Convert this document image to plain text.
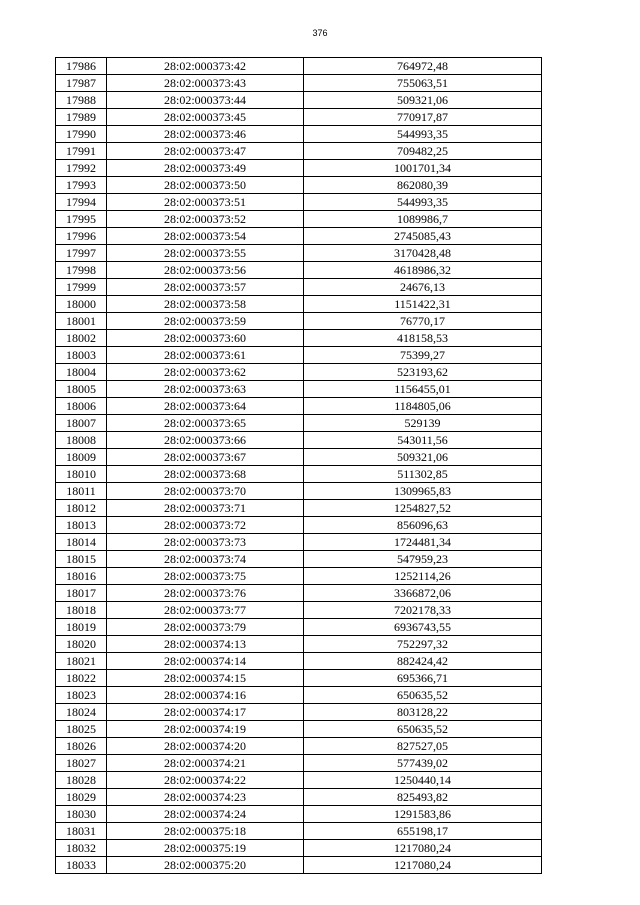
376
17986	28:02:000373:42	764972,48
17987	28:02:000373:43	755063,51
17988	28:02:000373:44	509321,06
17989	28:02:000373:45	770917,87
17990	28:02:000373:46	544993,35
17991	28:02:000373:47	709482,25
17992	28:02:000373:49	1001701,34
17993	28:02:000373:50	862080,39
17994	28:02:000373:51	544993,35
17995	28:02:000373:52	1089986,7
17996	28:02:000373:54	2745085,43
17997	28:02:000373:55	3170428,48
17998	28:02:000373:56	4618986,32
17999	28:02:000373:57	24676,13
18000	28:02:000373:58	1151422,31
18001	28:02:000373:59	76770,17
18002	28:02:000373:60	418158,53
18003	28:02:000373:61	75399,27
18004	28:02:000373:62	523193,62
18005	28:02:000373:63	1156455,01
18006	28:02:000373:64	1184805,06
18007	28:02:000373:65	529139
18008	28:02:000373:66	543011,56
18009	28:02:000373:67	509321,06
18010	28:02:000373:68	511302,85
18011	28:02:000373:70	1309965,83
18012	28:02:000373:71	1254827,52
18013	28:02:000373:72	856096,63
18014	28:02:000373:73	1724481,34
18015	28:02:000373:74	547959,23
18016	28:02:000373:75	1252114,26
18017	28:02:000373:76	3366872,06
18018	28:02:000373:77	7202178,33
18019	28:02:000373:79	6936743,55
18020	28:02:000374:13	752297,32
18021	28:02:000374:14	882424,42
18022	28:02:000374:15	695366,71
18023	28:02:000374:16	650635,52
18024	28:02:000374:17	803128,22
18025	28:02:000374:19	650635,52
18026	28:02:000374:20	827527,05
18027	28:02:000374:21	577439,02
18028	28:02:000374:22	1250440,14
18029	28:02:000374:23	825493,82
18030	28:02:000374:24	1291583,86
18031	28:02:000375:18	655198,17
18032	28:02:000375:19	1217080,24
18033	28:02:000375:20	1217080,24
